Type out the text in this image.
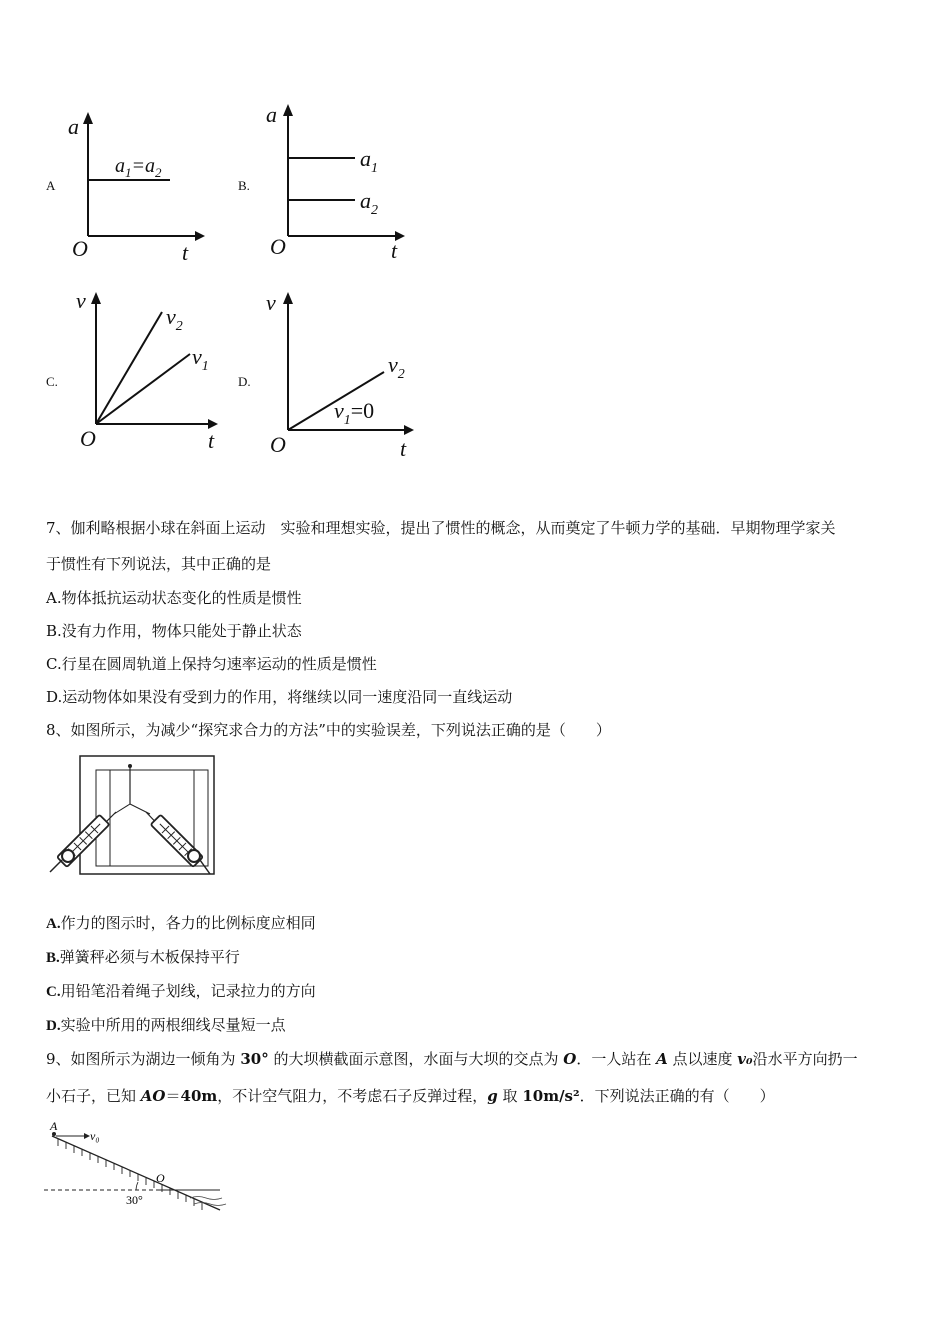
A
a
t
O
$a_1=a_2$
B.
a
t
O
$a_1$
$a_2$
C.
v
t
O
$v_2$
$v_1$
D.
v
t
O
$v_2$
$v_1=0$
7、伽利略根据小球在斜面上运动　实验和理想实验，提出了惯性的概念，从而奠定了牛顿力学的基础．早期物理学家关
于惯性有下列说法，其中正确的是
A.物体抵抗运动状态变化的性质是惯性
B.没有力作用，物体只能处于静止状态
C.行星在圆周轨道上保持匀速率运动的性质是惯性
D.运动物体如果没有受到力的作用，将继续以同一速度沿同一直线运动
8、如图所示，为减少“探究求合力的方法”中的实验误差，下列说法正确的是（　　）
A.作力的图示时，各力的比例标度应相同
B.弹簧秤必须与木板保持平行
C.用铅笔沿着绳子划线，记录拉力的方向
D.实验中所用的两根细线尽量短一点
9、如图所示为湖边一倾角为 30° 的大坝横截面示意图，水面与大坝的交点为 O．一人站在 A 点以速度 v₀沿水平方向扔一
小石子，已知 AO＝40m，不计空气阻力，不考虑石子反弹过程，g 取 10m/s²．下列说法正确的有（　　）
A
v₀
O
30°
